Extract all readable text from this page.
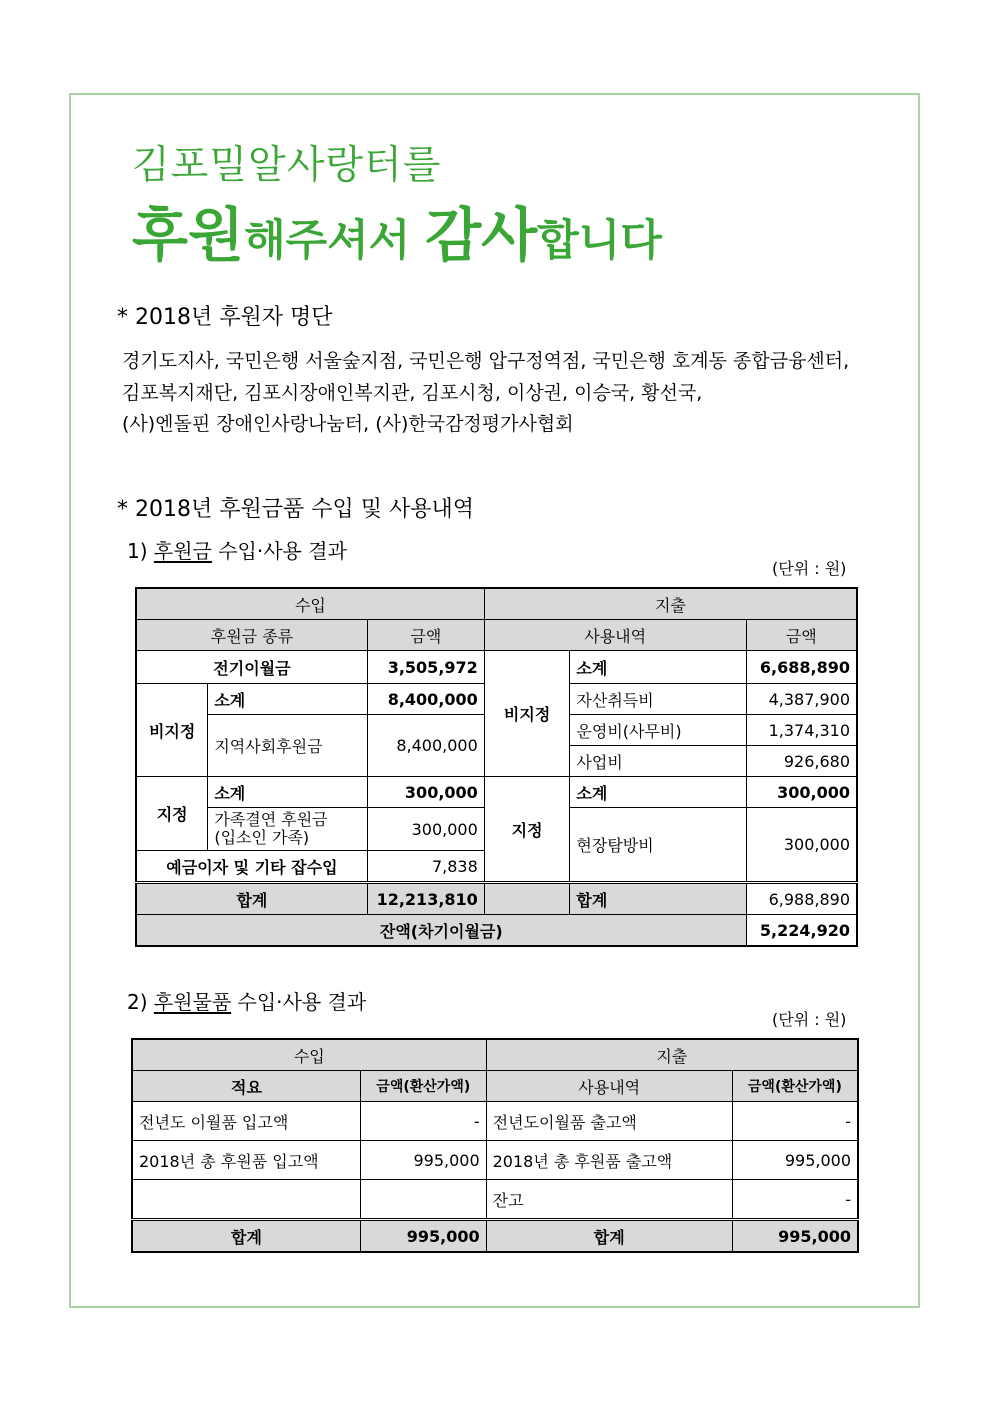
김포밀알사랑터를
후원해주셔서 감사합니다
* 2018년 후원자 명단
경기도지사, 국민은행 서울숲지점, 국민은행 압구정역점, 국민은행 호계동 종합금융센터,
김포복지재단, 김포시장애인복지관, 김포시청, 이상권, 이승국, 황선국,
(사)엔돌핀 장애인사랑나눔터, (사)한국감정평가사협회
* 2018년 후원금품 수입 및 사용내역
1) 후원금 수입·사용 결과
(단위 : 원)
수입			지출		
후원금 종류		금액	사용내역		금액
전기이월금		3,505,972	비지정	소계	6,688,890
비지정	소계	8,400,000		자산취득비	4,387,900
	지역사회후원금	8,400,000		운영비(사무비)	1,374,310
				사업비	926,680
지정	소계	300,000	지정	소계	300,000

	가족결연 후원금
(입소인 가족)	300,000		현장탐방비	300,000
예금이자 및 기타 잡수입		7,838			
합계		12,213,810		합계	6,988,890
잔액(차기이월금)					5,224,920
2) 후원물품 수입·사용 결과
(단위 : 원)
수입		지출	
적요	금액(환산가액)	사용내역	금액(환산가액)
전년도 이월품 입고액	-	전년도이월품 출고액	-
2018년 총 후원품 입고액	995,000	2018년 총 후원품 출고액	995,000
		잔고	-
합계	995,000	합계	995,000
